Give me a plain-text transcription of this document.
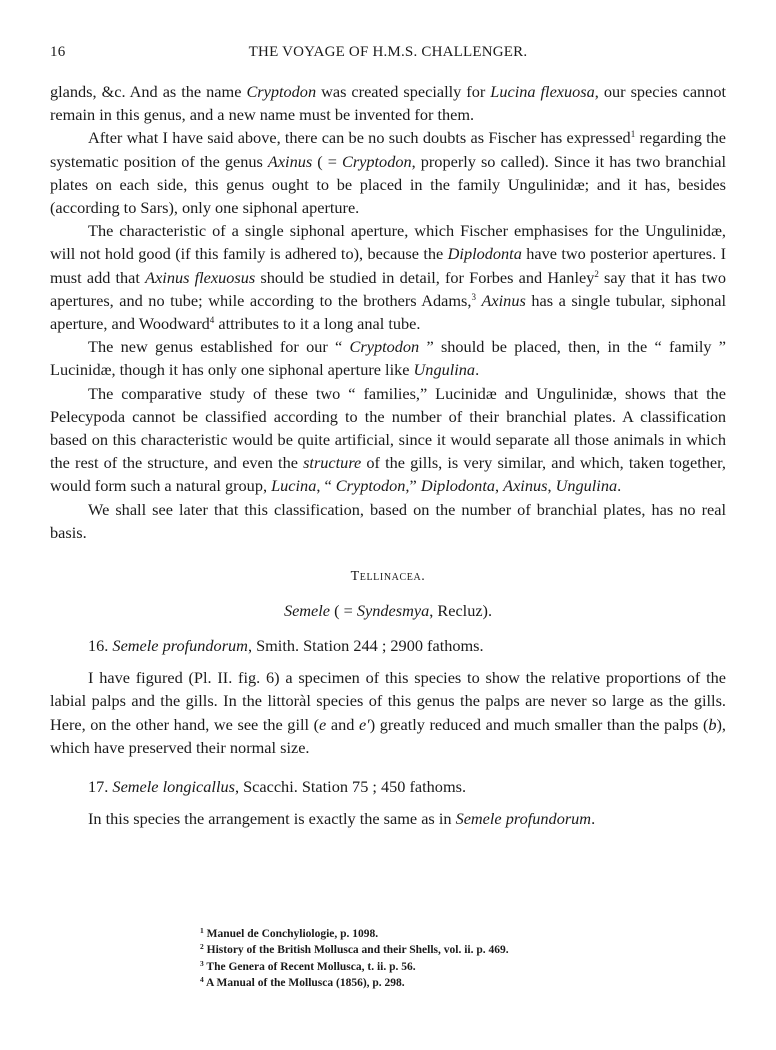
16	THE VOYAGE OF H.M.S. CHALLENGER.

glands, &c. And as the name Cryptodon was created specially for Lucina flexuosa, our species cannot remain in this genus, and a new name must be invented for them.

After what I have said above, there can be no such doubts as Fischer has expressed$^1$ regarding the systematic position of the genus Axinus ( = Cryptodon, properly so called). Since it has two branchial plates on each side, this genus ought to be placed in the family Ungulinidæ; and it has, besides (according to Sars), only one siphonal aperture.

The characteristic of a single siphonal aperture, which Fischer emphasises for the Ungulinidæ, will not hold good (if this family is adhered to), because the Diplodonta have two posterior apertures. I must add that Axinus flexuosus should be studied in detail, for Forbes and Hanley$^2$ say that it has two apertures, and no tube; while according to the brothers Adams,$^3$ Axinus has a single tubular, siphonal aperture, and Woodward$^4$ attributes to it a long anal tube.

The new genus established for our “ Cryptodon ” should be placed, then, in the “ family ” Lucinidæ, though it has only one siphonal aperture like Ungulina.

The comparative study of these two “ families,” Lucinidæ and Ungulinidæ, shows that the Pelecypoda cannot be classified according to the number of their branchial plates. A classification based on this characteristic would be quite artificial, since it would separate all those animals in which the rest of the structure, and even the structure of the gills, is very similar, and which, taken together, would form such a natural group, Lucina, “ Cryptodon,” Diplodonta, Axinus, Ungulina.

We shall see later that this classification, based on the number of branchial plates, has no real basis.

Tellinacea.
Semele ( = Syndesmya, Recluz).
16. Semele profundorum, Smith. Station 244 ; 2900 fathoms.

I have figured (Pl. II. fig. 6) a specimen of this species to show the relative proportions of the labial palps and the gills. In the littoràl species of this genus the palps are never so large as the gills. Here, on the other hand, we see the gill (e and e′) greatly reduced and much smaller than the palps (b), which have preserved their normal size.

17. Semele longicallus, Scacchi. Station 75 ; 450 fathoms.

In this species the arrangement is exactly the same as in Semele profundorum.

$^1$ Manuel de Conchyliologie, p. 1098.
$^2$ History of the British Mollusca and their Shells, vol. ii. p. 469.
$^3$ The Genera of Recent Mollusca, t. ii. p. 56.
$^4$ A Manual of the Mollusca (1856), p. 298.
